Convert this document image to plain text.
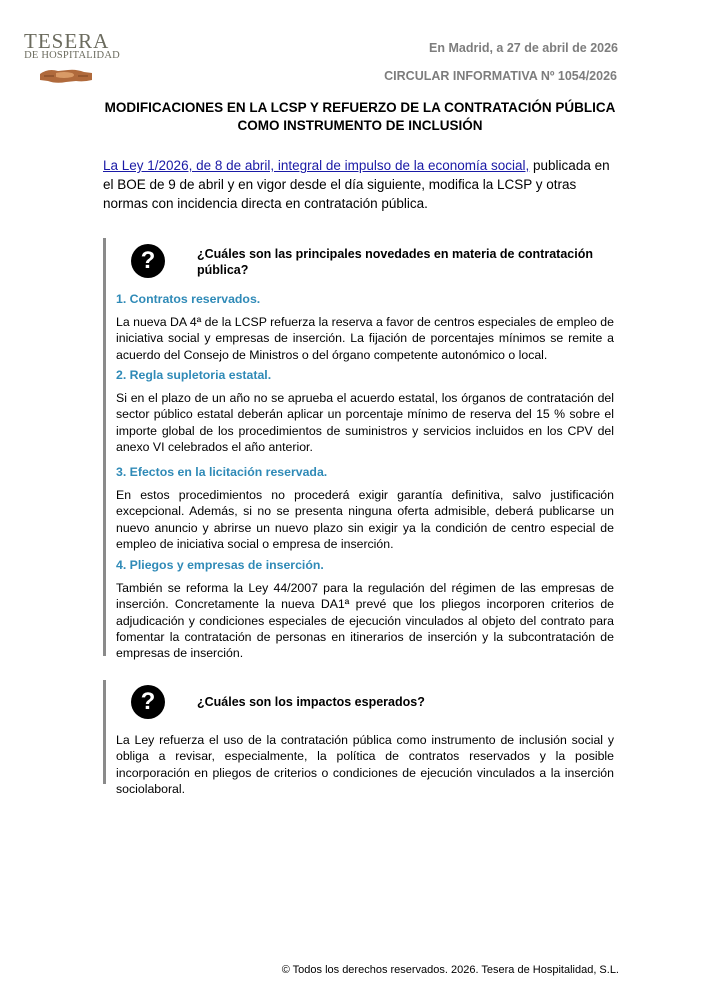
TESERA
DE HOSPITALIDAD
En Madrid, a 27 de abril de 2026
CIRCULAR INFORMATIVA Nº 1054/2026
MODIFICACIONES EN LA LCSP Y REFUERZO DE LA CONTRATACIÓN PÚBLICA
COMO INSTRUMENTO DE INCLUSIÓN
La Ley 1/2026, de 8 de abril, integral de impulso de la economía social, publicada en el BOE de 9 de abril y en vigor desde el día siguiente, modifica la LCSP y otras normas con incidencia directa en contratación pública.
?	¿Cuáles son las principales novedades en materia de contratación pública?
1. Contratos reservados.
La nueva DA 4ª de la LCSP refuerza la reserva a favor de centros especiales de empleo de iniciativa social y empresas de inserción. La fijación de porcentajes mínimos se remite a acuerdo del Consejo de Ministros o del órgano competente autonómico o local.
2. Regla supletoria estatal.
Si en el plazo de un año no se aprueba el acuerdo estatal, los órganos de contratación del sector público estatal deberán aplicar un porcentaje mínimo de reserva del 15 % sobre el importe global de los procedimientos de suministros y servicios incluidos en los CPV del anexo VI celebrados el año anterior.
3. Efectos en la licitación reservada.
En estos procedimientos no procederá exigir garantía definitiva, salvo justificación excepcional. Además, si no se presenta ninguna oferta admisible, deberá publicarse un nuevo anuncio y abrirse un nuevo plazo sin exigir ya la condición de centro especial de empleo de iniciativa social o empresa de inserción.
4. Pliegos y empresas de inserción.
También se reforma la Ley 44/2007 para la regulación del régimen de las empresas de inserción. Concretamente la nueva DA1ª prevé que los pliegos incorporen criterios de adjudicación y condiciones especiales de ejecución vinculados al objeto del contrato para fomentar la contratación de personas en itinerarios de inserción y la subcontratación de empresas de inserción.
?	¿Cuáles son los impactos esperados?
La Ley refuerza el uso de la contratación pública como instrumento de inclusión social y obliga a revisar, especialmente, la política de contratos reservados y la posible incorporación en pliegos de criterios o condiciones de ejecución vinculados a la inserción sociolaboral.
© Todos los derechos reservados. 2026. Tesera de Hospitalidad, S.L.
